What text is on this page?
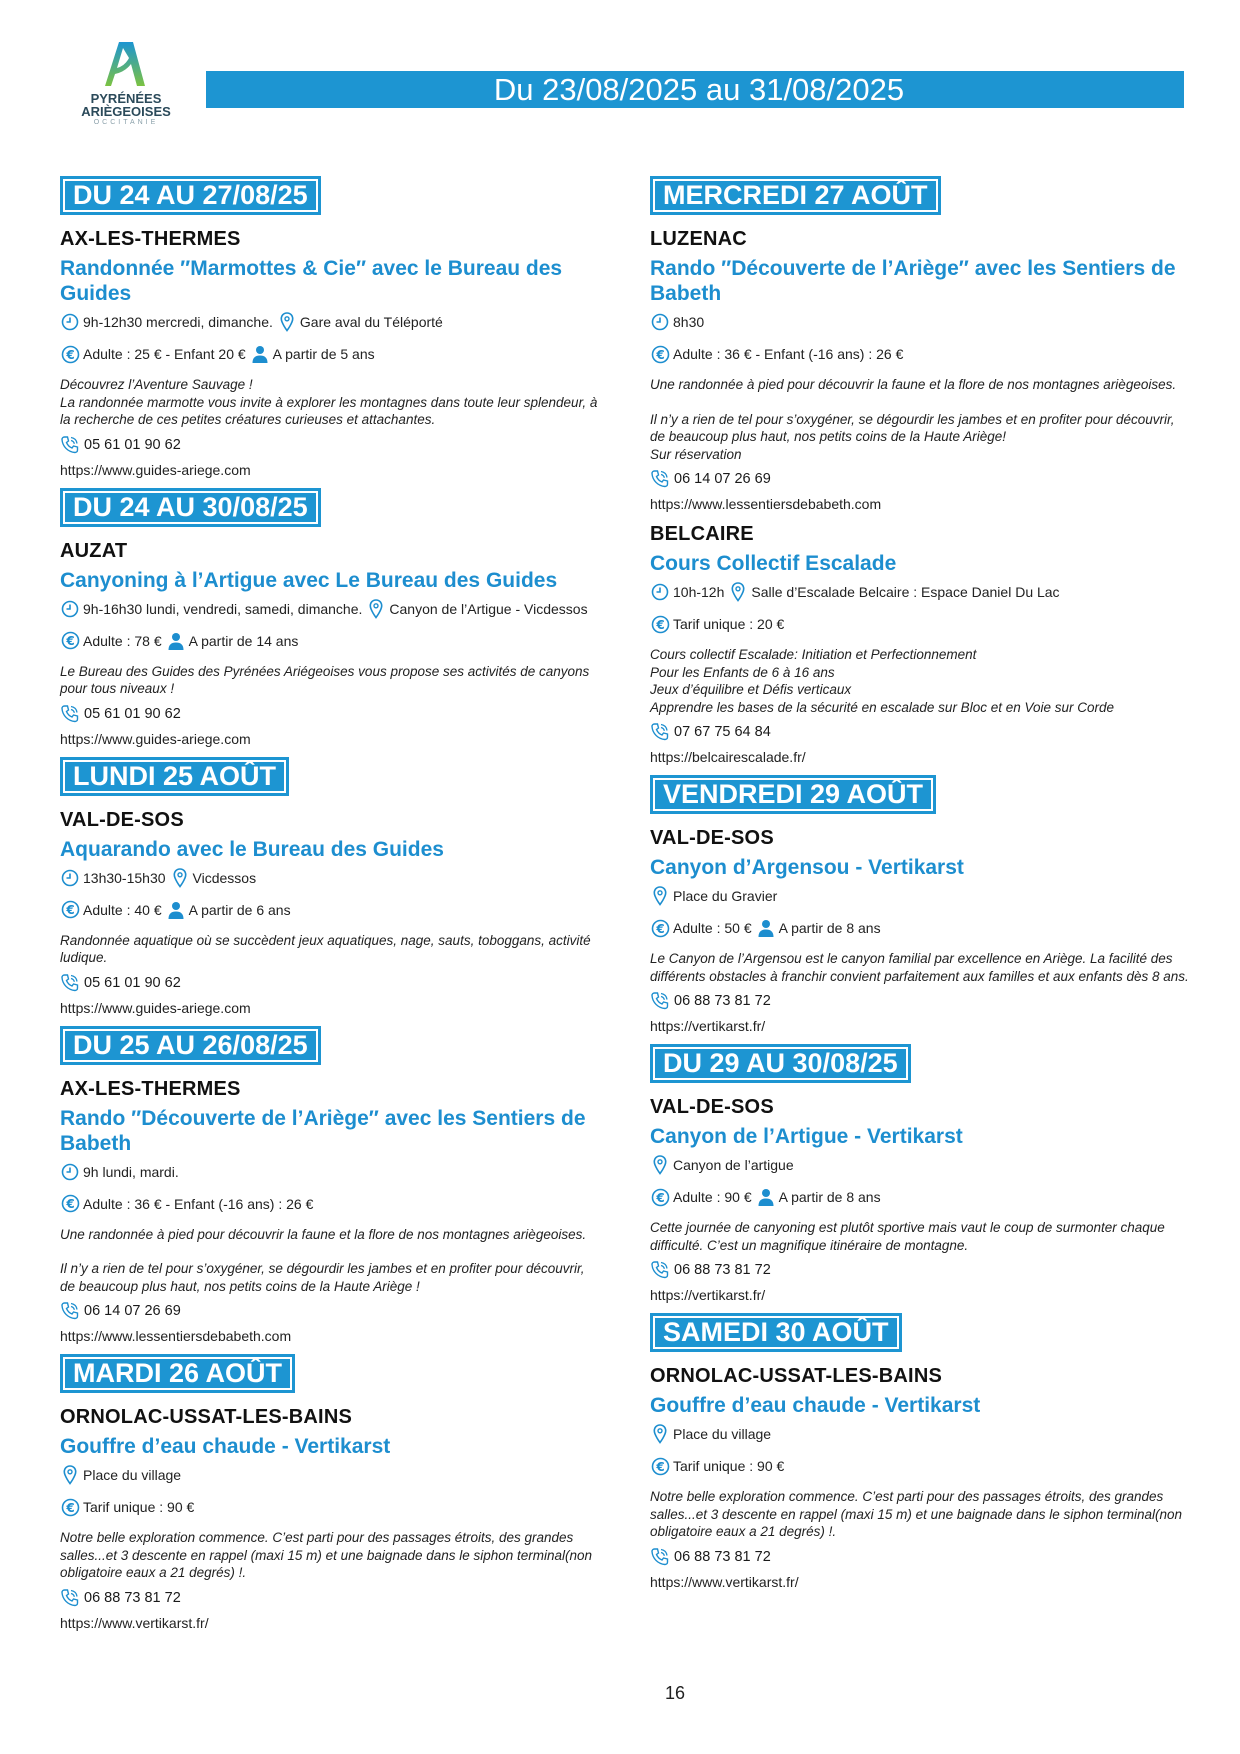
PYRÉNÉES
ARIÈGEOISES
OCCITANIE
Du 23/08/2025 au 31/08/2025
DU 24 AU 27/08/25
AX-LES-THERMES
Randonnée ″Marmottes & Cie″ avec le Bureau des Guides
9h-12h30 mercredi, dimanche. Gare aval du Téléporté
€ Adulte : 25 € - Enfant 20 € A partir de 5 ans

Découvrez l’Aventure Sauvage !

La randonnée marmotte vous invite à explorer les montagnes dans toute leur splendeur, à la recherche de ces petites créatures curieuses et attachantes.

05 61 01 90 62
https://www.guides-ariege.com
DU 24 AU 30/08/25
AUZAT
Canyoning à l’Artigue avec Le Bureau des Guides
9h-16h30 lundi, vendredi, samedi, dimanche. Canyon de l’Artigue - Vicdessos
€ Adulte : 78 € A partir de 14 ans

Le Bureau des Guides des Pyrénées Ariégeoises vous propose ses activités de canyons pour tous niveaux !

05 61 01 90 62
https://www.guides-ariege.com
LUNDI 25 AOÛT
VAL-DE-SOS
Aquarando avec le Bureau des Guides
13h30-15h30 Vicdessos
€ Adulte : 40 € A partir de 6 ans

Randonnée aquatique où se succèdent jeux aquatiques, nage, sauts, toboggans, activité ludique.

05 61 01 90 62
https://www.guides-ariege.com
DU 25 AU 26/08/25
AX-LES-THERMES
Rando ″Découverte de l’Ariège″ avec les Sentiers de Babeth
9h lundi, mardi.
€ Adulte : 36 € - Enfant (-16 ans) : 26 €

Une randonnée à pied pour découvrir la faune et la flore de nos montagnes ariègeoises.

Il n’y a rien de tel pour s’oxygéner, se dégourdir les jambes et en profiter pour découvrir, de beaucoup plus haut, nos petits coins de la Haute Ariège !

06 14 07 26 69
https://www.lessentiersdebabeth.com
MARDI 26 AOÛT
ORNOLAC-USSAT-LES-BAINS
Gouffre d’eau chaude - Vertikarst
Place du village
€ Tarif unique : 90 €

Notre belle exploration commence. C’est parti pour des passages étroits, des grandes salles...et 3 descente en rappel (maxi 15 m) et une baignade dans le siphon terminal(non obligatoire eaux a 21 degrés) !.

06 88 73 81 72
https://www.vertikarst.fr/
MERCREDI 27 AOÛT
LUZENAC
Rando ″Découverte de l’Ariège″ avec les Sentiers de Babeth
8h30
€ Adulte : 36 € - Enfant (-16 ans) : 26 €

Une randonnée à pied pour découvrir la faune et la flore de nos montagnes ariègeoises.

Il n’y a rien de tel pour s’oxygéner, se dégourdir les jambes et en profiter pour découvrir, de beaucoup plus haut, nos petits coins de la Haute Ariège!

Sur réservation

06 14 07 26 69
https://www.lessentiersdebabeth.com
BELCAIRE
Cours Collectif Escalade
10h-12h Salle d’Escalade Belcaire : Espace Daniel Du Lac
€ Tarif unique : 20 €

Cours collectif Escalade: Initiation et Perfectionnement

Pour les Enfants de 6 à 16 ans

Jeux d’équilibre et Défis verticaux

Apprendre les bases de la sécurité en escalade sur Bloc et en Voie sur Corde

07 67 75 64 84
https://belcairescalade.fr/
VENDREDI 29 AOÛT
VAL-DE-SOS
Canyon d’Argensou - Vertikarst
Place du Gravier
€ Adulte : 50 € A partir de 8 ans

Le Canyon de l’Argensou est le canyon familial par excellence en Ariège. La facilité des différents obstacles à franchir convient parfaitement aux familles et aux enfants dès 8 ans.

06 88 73 81 72
https://vertikarst.fr/
DU 29 AU 30/08/25
VAL-DE-SOS
Canyon de l’Artigue - Vertikarst
Canyon de l’artigue
€ Adulte : 90 € A partir de 8 ans

Cette journée de canyoning est plutôt sportive mais vaut le coup de surmonter chaque difficulté. C’est un magnifique itinéraire de montagne.

06 88 73 81 72
https://vertikarst.fr/
SAMEDI 30 AOÛT
ORNOLAC-USSAT-LES-BAINS
Gouffre d’eau chaude - Vertikarst
Place du village
€ Tarif unique : 90 €

Notre belle exploration commence. C’est parti pour des passages étroits, des grandes salles...et 3 descente en rappel (maxi 15 m) et une baignade dans le siphon terminal(non obligatoire eaux a 21 degrés) !.

06 88 73 81 72
https://www.vertikarst.fr/
16
